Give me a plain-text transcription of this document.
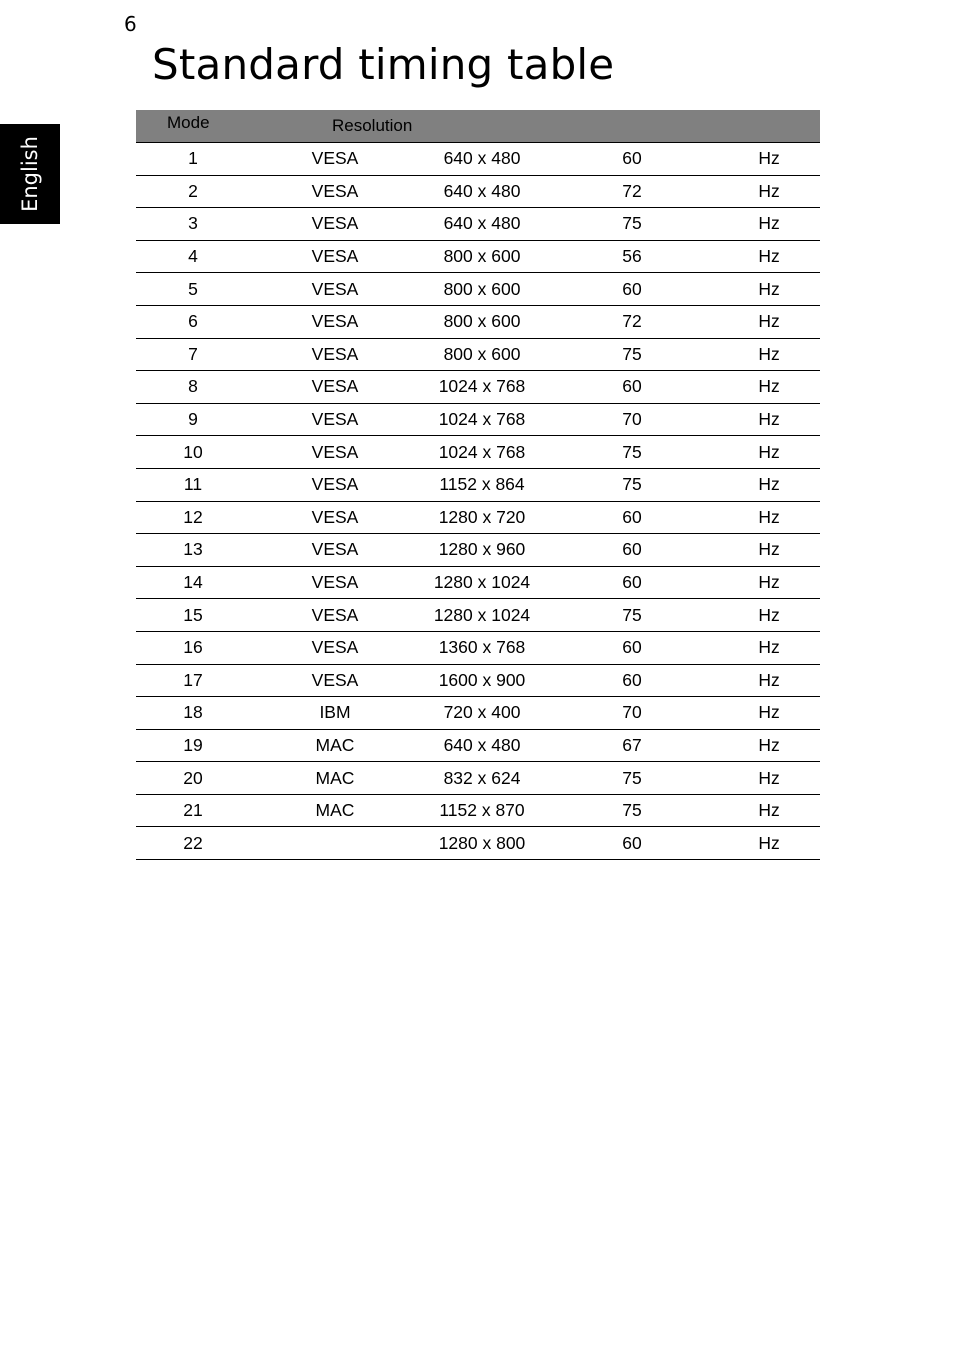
6
Standard timing table
English
Mode	Resolution			
1	VESA	640 x 480	60	Hz
2	VESA	640 x 480	72	Hz
3	VESA	640 x 480	75	Hz
4	VESA	800 x 600	56	Hz
5	VESA	800 x 600	60	Hz
6	VESA	800 x 600	72	Hz
7	VESA	800 x 600	75	Hz
8	VESA	1024 x 768	60	Hz
9	VESA	1024 x 768	70	Hz
10	VESA	1024 x 768	75	Hz
11	VESA	1152 x 864	75	Hz
12	VESA	1280 x 720	60	Hz
13	VESA	1280 x 960	60	Hz
14	VESA	1280 x 1024	60	Hz
15	VESA	1280 x 1024	75	Hz
16	VESA	1360 x 768	60	Hz
17	VESA	1600 x 900	60	Hz
18	IBM	720 x 400	70	Hz
19	MAC	640 x 480	67	Hz
20	MAC	832 x 624	75	Hz
21	MAC	1152 x 870	75	Hz
22		1280 x 800	60	Hz
